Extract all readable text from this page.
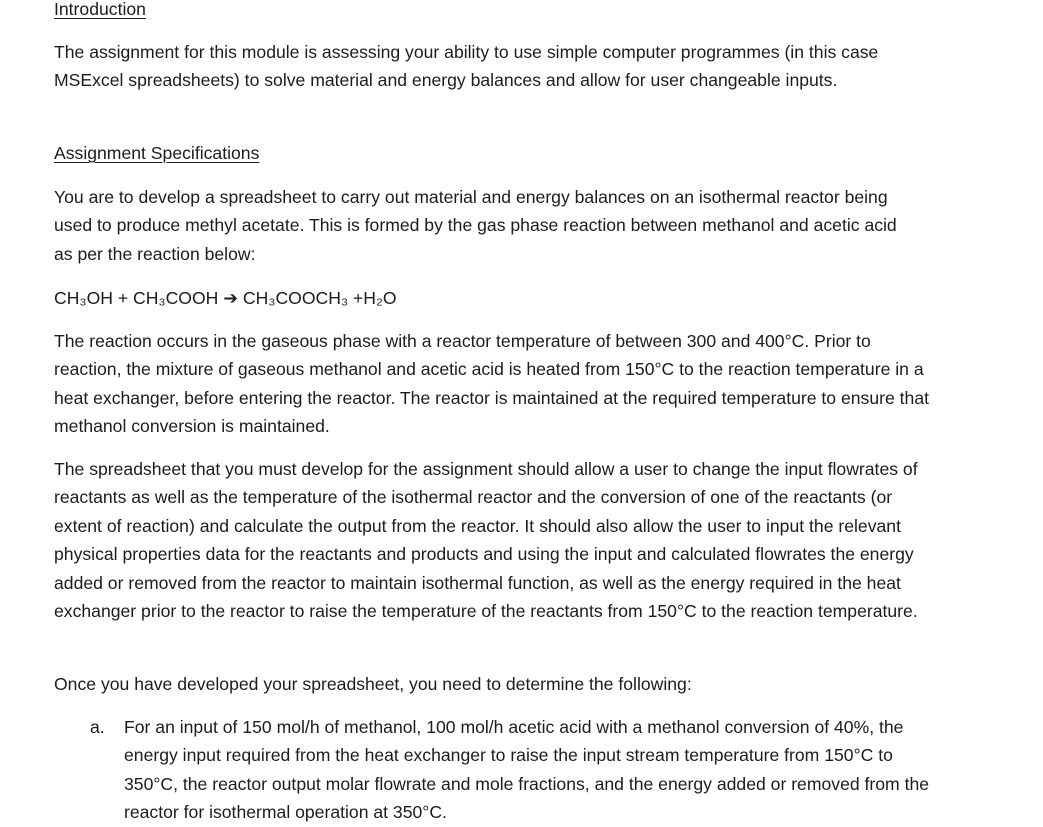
Introduction

The assignment for this module is assessing your ability to use simple computer programmes (in this case MSExcel spreadsheets) to solve material and energy balances and allow for user changeable inputs.

Assignment Specifications

You are to develop a spreadsheet to carry out material and energy balances on an isothermal reactor being used to produce methyl acetate. This is formed by the gas phase reaction between methanol and acetic acid as per the reaction below:

CH₃OH + CH₃COOH ➔ CH₃COOCH₃ +H₂O

The reaction occurs in the gaseous phase with a reactor temperature of between 300 and 400°C. Prior to reaction, the mixture of gaseous methanol and acetic acid is heated from 150°C to the reaction temperature in a heat exchanger, before entering the reactor. The reactor is maintained at the required temperature to ensure that methanol conversion is maintained.

The spreadsheet that you must develop for the assignment should allow a user to change the input flowrates of reactants as well as the temperature of the isothermal reactor and the conversion of one of the reactants (or extent of reaction) and calculate the output from the reactor. It should also allow the user to input the relevant physical properties data for the reactants and products and using the input and calculated flowrates the energy added or removed from the reactor to maintain isothermal function, as well as the energy required in the heat exchanger prior to the reactor to raise the temperature of the reactants from 150°C to the reaction temperature.

Once you have developed your spreadsheet, you need to determine the following:

a. For an input of 150 mol/h of methanol, 100 mol/h acetic acid with a methanol conversion of 40%, the energy input required from the heat exchanger to raise the input stream temperature from 150°C to 350°C, the reactor output molar flowrate and mole fractions, and the energy added or removed from the reactor for isothermal operation at 350°C.
